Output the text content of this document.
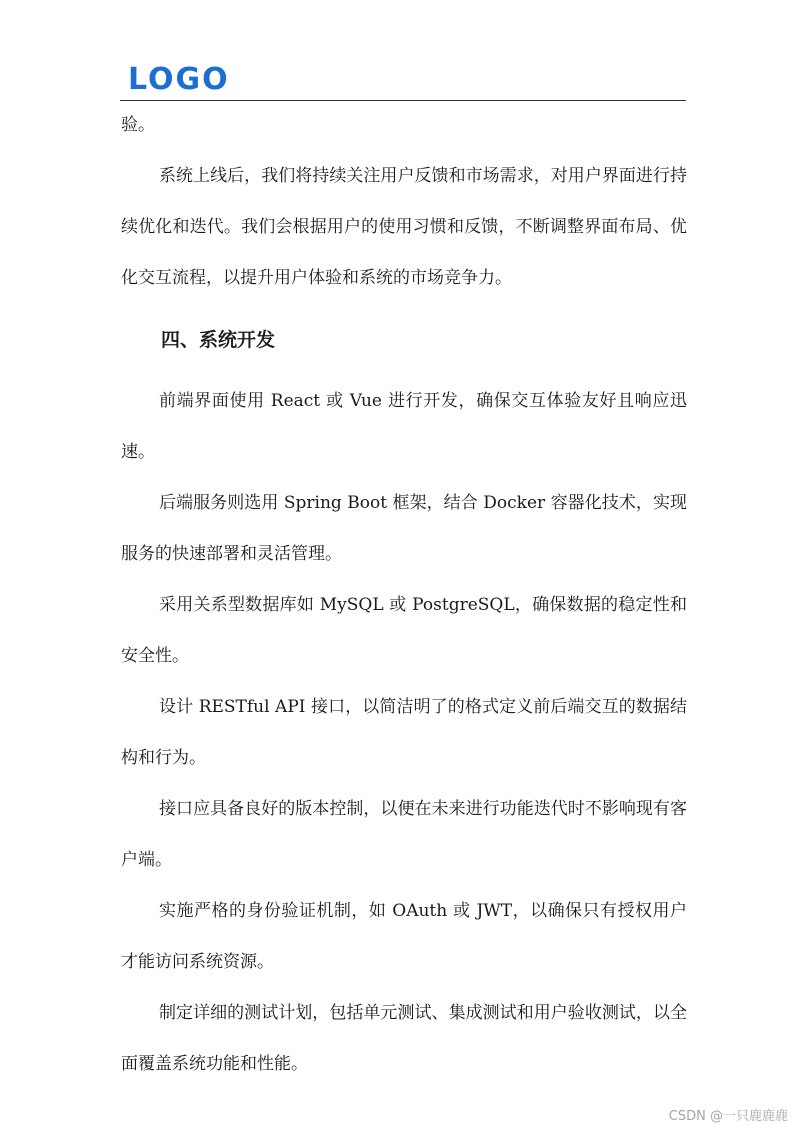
LOGO

验。

系统上线后，我们将持续关注用户反馈和市场需求，对用户界面进行持续优化和迭代。我们会根据用户的使用习惯和反馈，不断调整界面布局、优化交互流程，以提升用户体验和系统的市场竞争力。

四、系统开发

前端界面使用 React 或 Vue 进行开发，确保交互体验友好且响应迅速。

后端服务则选用 Spring Boot 框架，结合 Docker 容器化技术，实现服务的快速部署和灵活管理。

采用关系型数据库如 MySQL 或 PostgreSQL，确保数据的稳定性和安全性。

设计 RESTful API 接口，以简洁明了的格式定义前后端交互的数据结构和行为。

接口应具备良好的版本控制，以便在未来进行功能迭代时不影响现有客户端。

实施严格的身份验证机制，如 OAuth 或 JWT，以确保只有授权用户才能访问系统资源。

制定详细的测试计划，包括单元测试、集成测试和用户验收测试，以全面覆盖系统功能和性能。

CSDN @一只鹿鹿鹿
